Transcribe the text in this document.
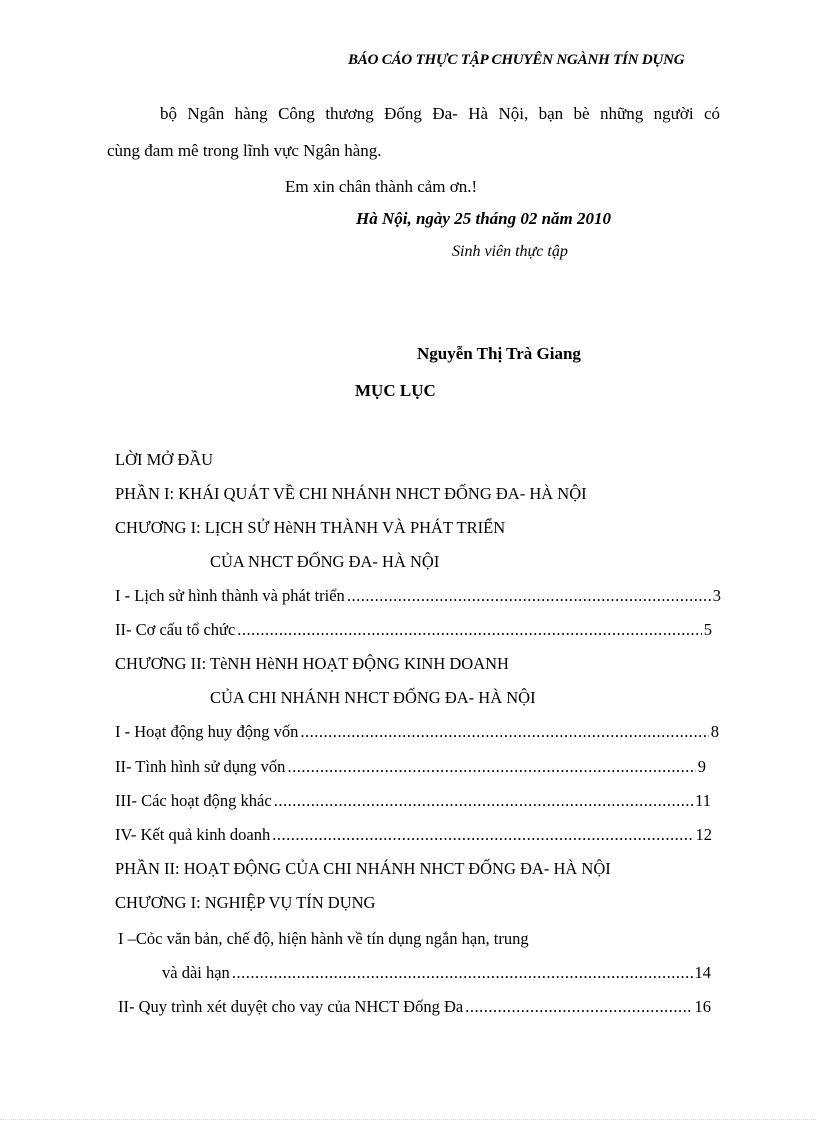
BÁO CÁO THỰC TẬP CHUYÊN NGÀNH TÍN DỤNG
bộ Ngân hàng Công thương Đống Đa- Hà Nội, bạn bè những người có
cùng đam mê trong lĩnh vực Ngân hàng.
Em xin chân thành cảm ơn.!
Hà Nội, ngày 25 tháng 02 năm 2010
Sinh viên thực tập
Nguyễn Thị Trà Giang
MỤC LỤC
LỜI MỞ ĐẦU
PHẦN I: KHÁI QUÁT VỀ CHI NHÁNH NHCT ĐỐNG ĐA- HÀ NỘI
CHƯƠNG I: LỊCH SỬ HèNH THÀNH VÀ PHÁT TRIỂN
CỦA NHCT ĐỐNG ĐA- HÀ NỘI
I - Lịch sử hình thành và phát triển .....	3
II- Cơ cấu tổ chức .....	5
CHƯƠNG II: TèNH HèNH HOẠT ĐỘNG KINH DOANH
CỦA CHI NHÁNH NHCT ĐỐNG ĐA- HÀ NỘI
I - Hoạt động huy động vốn .....	8
II- Tình hình sử dụng vốn .....	9
III- Các hoạt động khác .....	11
IV- Kết quả kinh doanh .....	12
PHẦN II: HOẠT ĐỘNG CỦA CHI NHÁNH NHCT ĐỐNG ĐA- HÀ NỘI
CHƯƠNG I: NGHIỆP VỤ TÍN DỤNG
I –Cỏc văn bản, chế độ, hiện hành về tín dụng ngắn hạn, trung
và dài hạn .....	14
II- Quy trình xét duyệt cho vay của NHCT Đống Đa .....	16
